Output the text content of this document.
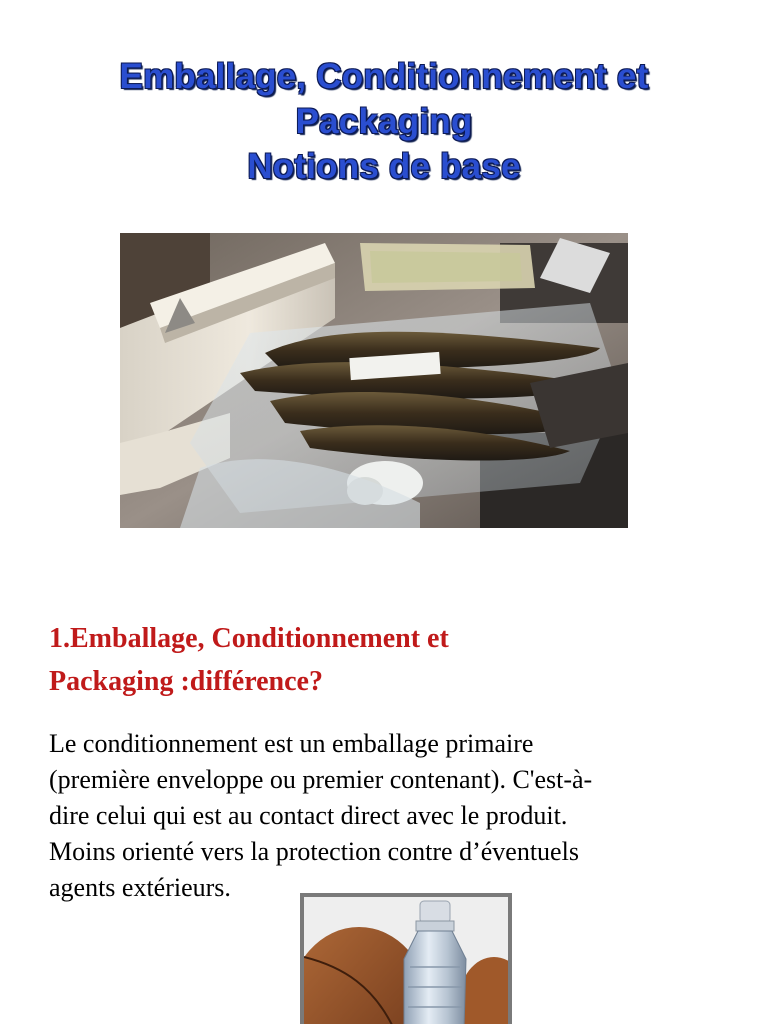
Emballage, Conditionnement et
Packaging
Notions de base
1.Emballage, Conditionnement et
Packaging :différence?
Le conditionnement est un emballage primaire
(première enveloppe ou premier contenant). C'est-à-
dire celui qui est au contact direct avec le produit.
Moins orienté vers la protection contre d’éventuels
agents extérieurs.
